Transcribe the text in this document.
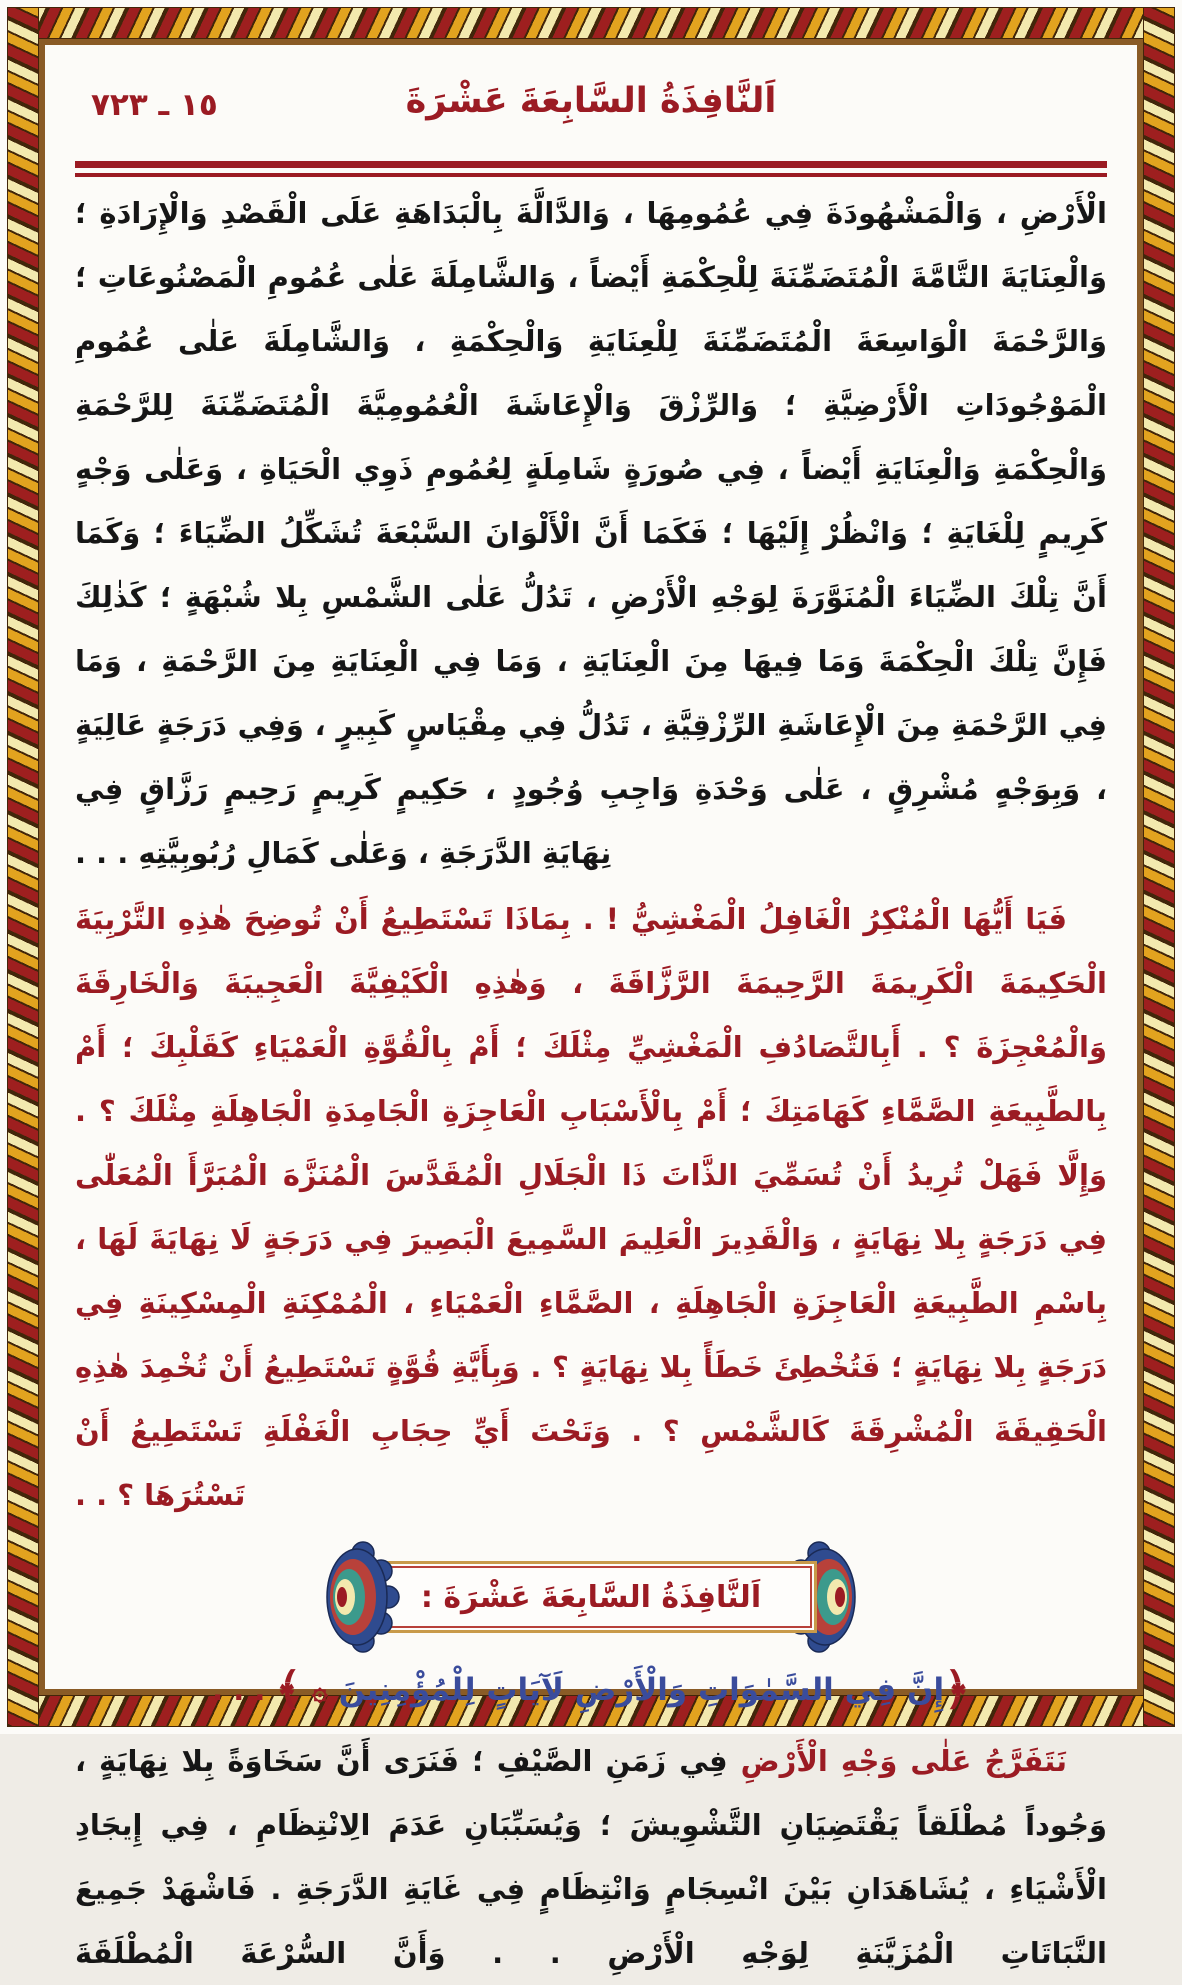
١٥ ـ ٧٢٣	اَلنَّافِذَةُ السَّابِعَةَ عَشْرَةَ

الْأَرْضِ ، وَالْمَشْهُودَةَ فِي عُمُومِهَا ، وَالدَّالَّةَ بِالْبَدَاهَةِ عَلَى الْقَصْدِ وَالْإِرَادَةِ ؛ وَالْعِنَايَةَ التَّامَّةَ الْمُتَضَمِّنَةَ لِلْحِكْمَةِ أَيْضاً ، وَالشَّامِلَةَ عَلٰى عُمُومِ الْمَصْنُوعَاتِ ؛ وَالرَّحْمَةَ الْوَاسِعَةَ الْمُتَضَمِّنَةَ لِلْعِنَايَةِ وَالْحِكْمَةِ ، وَالشَّامِلَةَ عَلٰى عُمُومِ الْمَوْجُودَاتِ الْأَرْضِيَّةِ ؛ وَالرِّزْقَ وَالْإِعَاشَةَ الْعُمُومِيَّةَ الْمُتَضَمِّنَةَ لِلرَّحْمَةِ وَالْحِكْمَةِ وَالْعِنَايَةِ أَيْضاً ، فِي صُورَةٍ شَامِلَةٍ لِعُمُومِ ذَوِي الْحَيَاةِ ، وَعَلٰى وَجْهٍ كَرِيمٍ لِلْغَايَةِ ؛ وَانْظُرْ إِلَيْهَا ؛ فَكَمَا أَنَّ الْأَلْوَانَ السَّبْعَةَ تُشَكِّلُ الضِّيَاءَ ؛ وَكَمَا أَنَّ تِلْكَ الضِّيَاءَ الْمُنَوَّرَةَ لِوَجْهِ الْأَرْضِ ، تَدُلُّ عَلٰى الشَّمْسِ بِلا شُبْهَةٍ ؛ كَذٰلِكَ فَإِنَّ تِلْكَ الْحِكْمَةَ وَمَا فِيهَا مِنَ الْعِنَايَةِ ، وَمَا فِي الْعِنَايَةِ مِنَ الرَّحْمَةِ ، وَمَا فِي الرَّحْمَةِ مِنَ الْإِعَاشَةِ الرِّزْقِيَّةِ ، تَدُلُّ فِي مِقْيَاسٍ كَبِيرٍ ، وَفِي دَرَجَةٍ عَالِيَةٍ ، وَبِوَجْهٍ مُشْرِقٍ ، عَلٰى وَحْدَةِ وَاجِبِ وُجُودٍ ، حَكِيمٍ كَرِيمٍ رَحِيمٍ رَزَّاقٍ فِي نِهَايَةِ الدَّرَجَةِ ، وَعَلٰى كَمَالِ رُبُوبِيَّتِهِ . . .

فَيَا أَيُّهَا الْمُنْكِرُ الْغَافِلُ الْمَغْشِيُّ ! . بِمَاذَا تَسْتَطِيعُ أَنْ تُوضِحَ هٰذِهِ التَّرْبِيَةَ الْحَكِيمَةَ الْكَرِيمَةَ الرَّحِيمَةَ الرَّزَّاقَةَ ، وَهٰذِهِ الْكَيْفِيَّةَ الْعَجِيبَةَ وَالْخَارِقَةَ وَالْمُعْجِزَةَ ؟ . أَبِالتَّصَادُفِ الْمَغْشِيِّ مِثْلَكَ ؛ أَمْ بِالْقُوَّةِ الْعَمْيَاءِ كَقَلْبِكَ ؛ أَمْ بِالطَّبِيعَةِ الصَّمَّاءِ كَهَامَتِكَ ؛ أَمْ بِالْأَسْبَابِ الْعَاجِزَةِ الْجَامِدَةِ الْجَاهِلَةِ مِثْلَكَ ؟ . وَإِلَّا فَهَلْ تُرِيدُ أَنْ تُسَمِّيَ الذَّاتَ ذَا الْجَلَالِ الْمُقَدَّسَ الْمُنَزَّهَ الْمُبَرَّأَ الْمُعَلّٰى فِي دَرَجَةٍ بِلا نِهَايَةٍ ، وَالْقَدِيرَ الْعَلِيمَ السَّمِيعَ الْبَصِيرَ فِي دَرَجَةٍ لَا نِهَايَةَ لَهَا ، بِاسْمِ الطَّبِيعَةِ الْعَاجِزَةِ الْجَاهِلَةِ ، الصَّمَّاءِ الْعَمْيَاءِ ، الْمُمْكِنَةِ الْمِسْكِينَةِ فِي دَرَجَةٍ بِلا نِهَايَةٍ ؛ فَتُخْطِئَ خَطَأً بِلا نِهَايَةٍ ؟ . وَبِأَيَّةِ قُوَّةٍ تَسْتَطِيعُ أَنْ تُخْمِدَ هٰذِهِ الْحَقِيقَةَ الْمُشْرِقَةَ كَالشَّمْسِ ؟ . وَتَحْتَ أَيِّ حِجَابِ الْغَفْلَةِ تَسْتَطِيعُ أَنْ تَسْتُرَهَا ؟ . .

اَلنَّافِذَةُ السَّابِعَةَ عَشْرَةَ :

﴿إِنَّ فِي السَّمٰوَاتِ وَالْأَرْضِ لَآيَاتٍ لِلْمُؤْمِنِينَ ۞ ﴾ . . .

نَتَفَرَّجُ عَلٰى وَجْهِ الْأَرْضِ فِي زَمَنِ الصَّيْفِ ؛ فَنَرَى أَنَّ سَخَاوَةً بِلا نِهَايَةٍ ، وَجُوداً مُطْلَقاً يَقْتَضِيَانِ التَّشْوِيشَ ؛ وَيُسَبِّبَانِ عَدَمَ الِانْتِظَامِ ، فِي إِيجَادِ الْأَشْيَاءِ ، يُشَاهَدَانِ بَيْنَ انْسِجَامٍ وَانْتِظَامٍ فِي غَايَةِ الدَّرَجَةِ . فَاشْهَدْ جَمِيعَ النَّبَاتَاتِ الْمُزَيَّنَةِ لِوَجْهِ الْأَرْضِ . . وَأَنَّ السُّرْعَةَ الْمُطْلَقَةَ
